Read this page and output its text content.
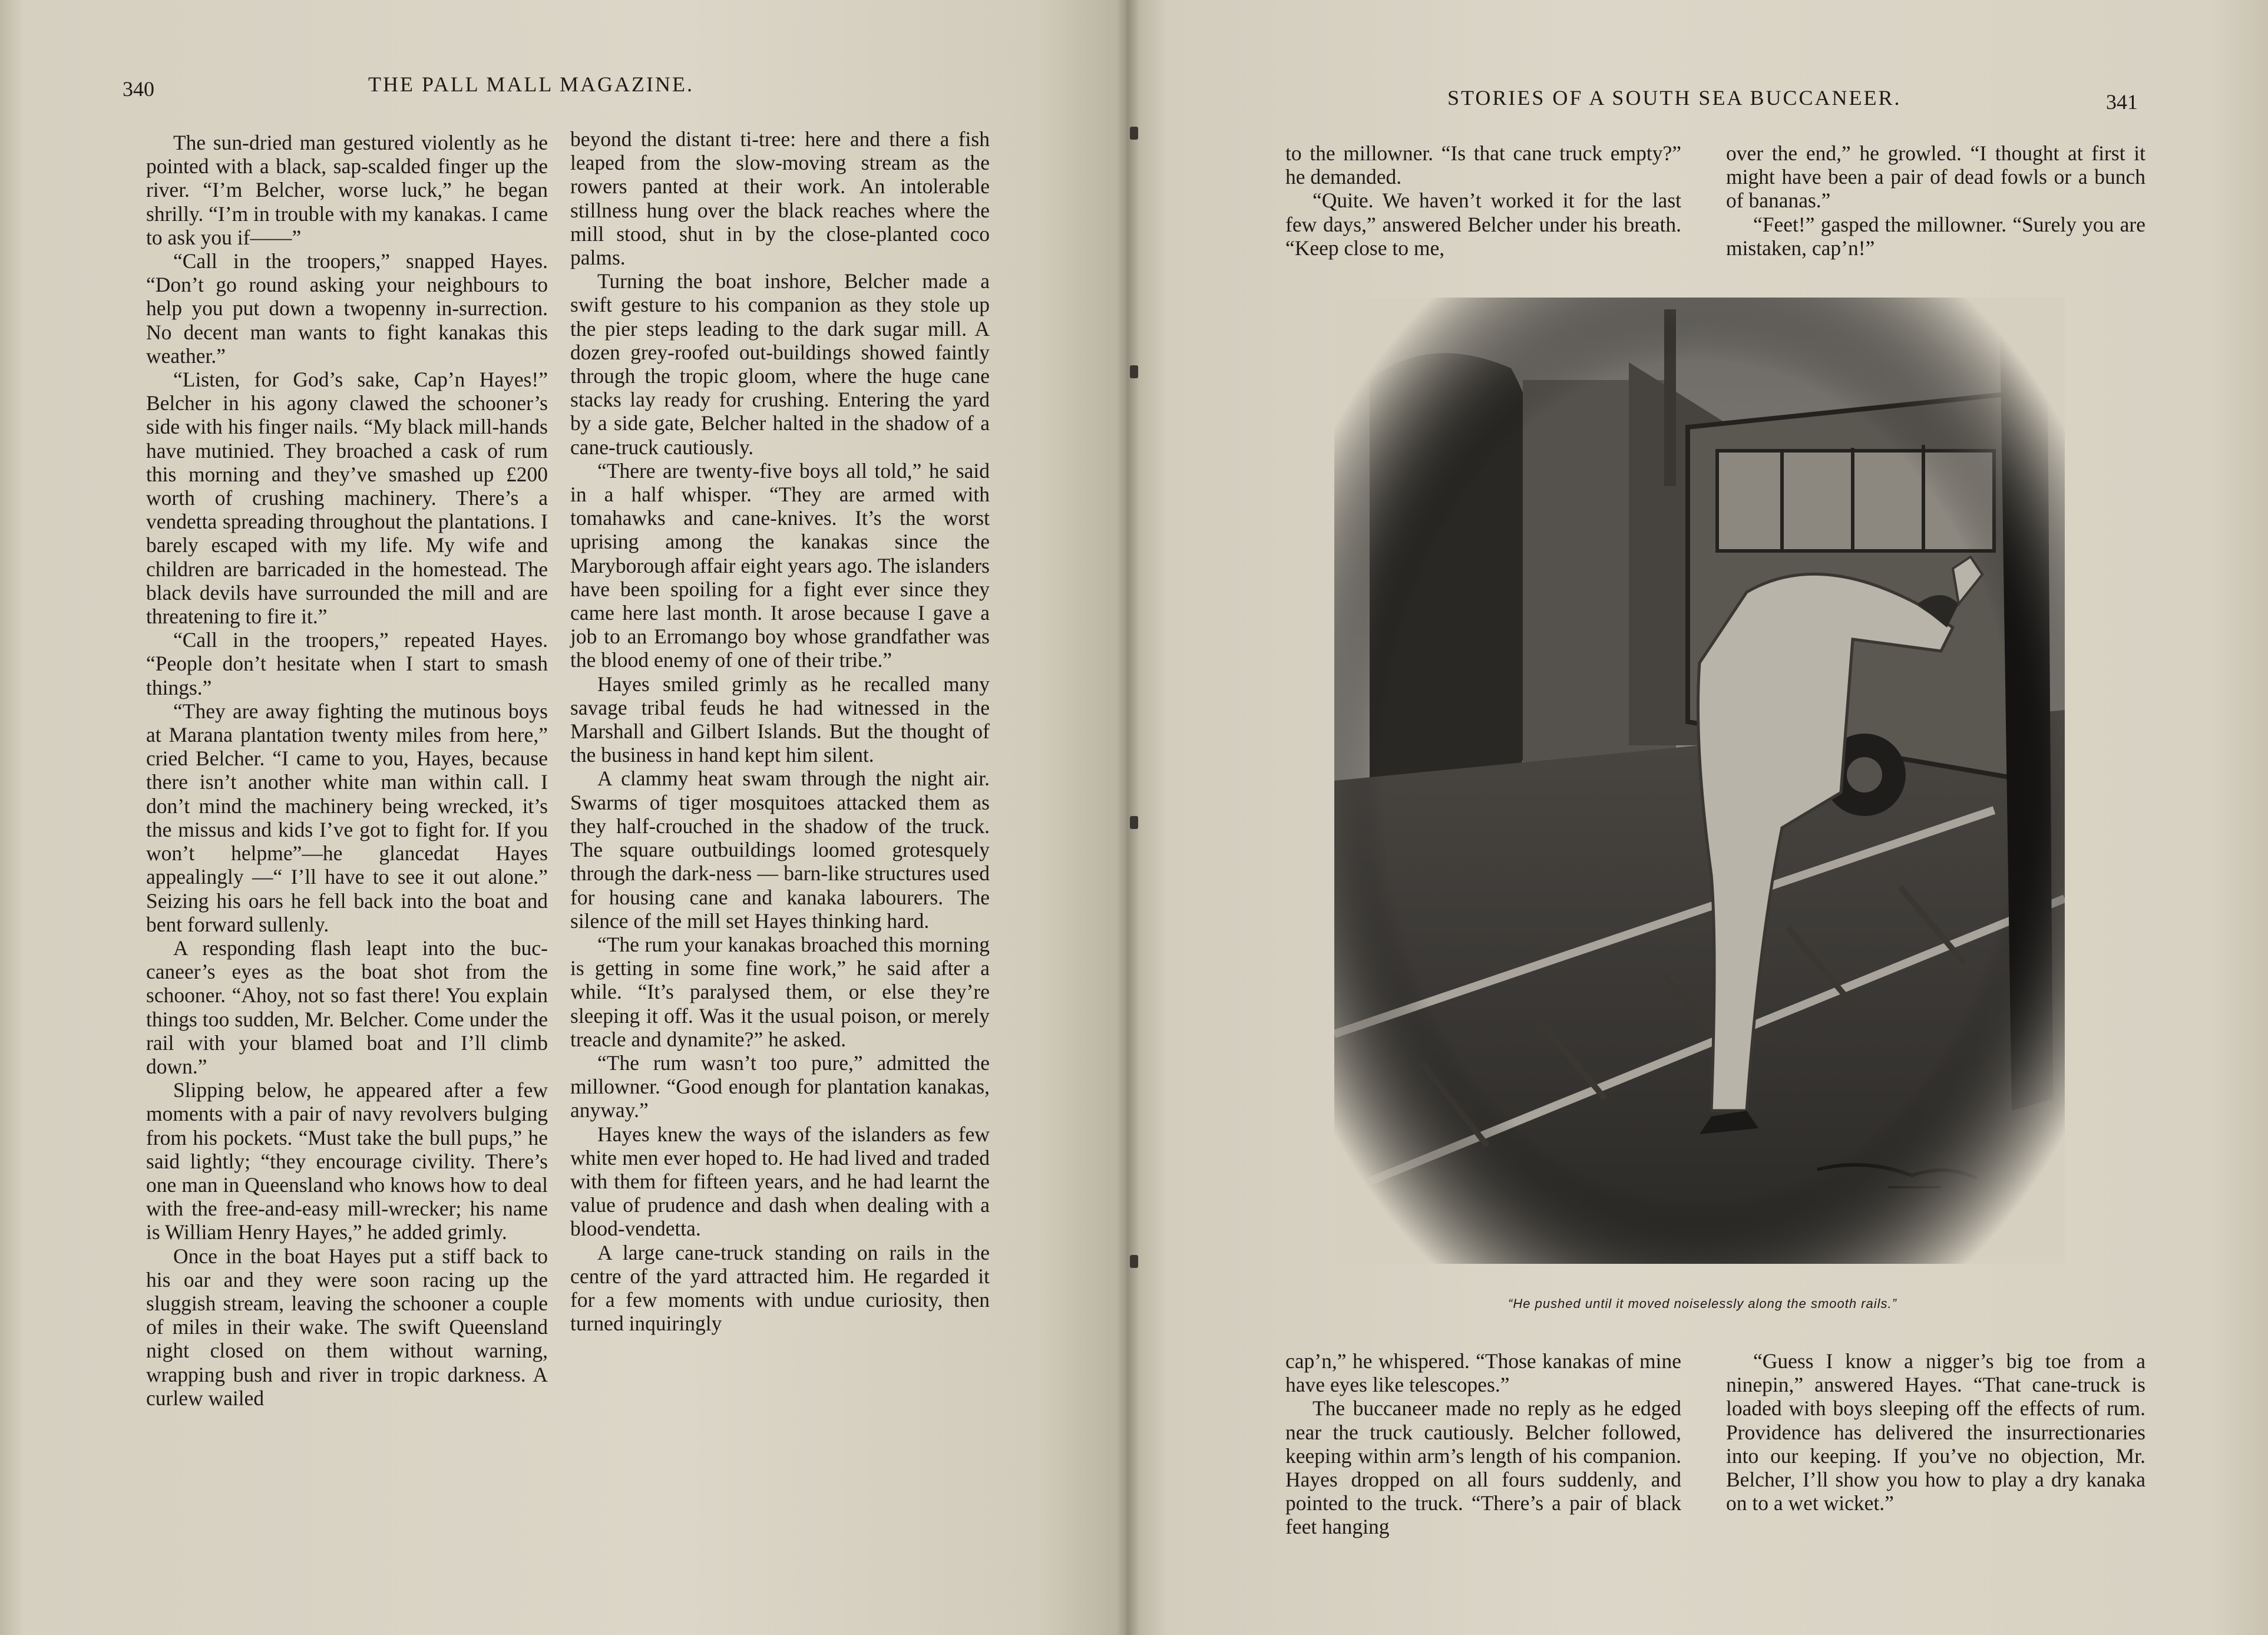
340	THE PALL MALL MAGAZINE.

The sun-dried man gestured violently as he pointed with a black, sap-scalded finger up the river. “I’m Belcher, worse luck,” he began shrilly. “I’m in trouble with my kanakas. I came to ask you if——”

“Call in the troopers,” snapped Hayes. “Don’t go round asking your neighbours to help you put down a twopenny in-surrection. No decent man wants to fight kanakas this weather.”

“Listen, for God’s sake, Cap’n Hayes!” Belcher in his agony clawed the schooner’s side with his finger nails. “My black mill-hands have mutinied. They broached a cask of rum this morning and they’ve smashed up £200 worth of crushing machinery. There’s a vendetta spreading throughout the plantations. I barely escaped with my life. My wife and children are barricaded in the homestead. The black devils have surrounded the mill and are threatening to fire it.”

“Call in the troopers,” repeated Hayes. “People don’t hesitate when I start to smash things.”

“They are away fighting the mutinous boys at Marana plantation twenty miles from here,” cried Belcher. “I came to you, Hayes, because there isn’t another white man within call. I don’t mind the machinery being wrecked, it’s the missus and kids I’ve got to fight for. If you won’t helpme”—he glancedat Hayes appealingly —“ I’ll have to see it out alone.” Seizing his oars he fell back into the boat and bent forward sullenly.

A responding flash leapt into the buc-caneer’s eyes as the boat shot from the schooner. “Ahoy, not so fast there! You explain things too sudden, Mr. Belcher. Come under the rail with your blamed boat and I’ll climb down.”

Slipping below, he appeared after a few moments with a pair of navy revolvers bulging from his pockets. “Must take the bull pups,” he said lightly; “they encourage civility. There’s one man in Queensland who knows how to deal with the free-and-easy mill-wrecker; his name is William Henry Hayes,” he added grimly.

Once in the boat Hayes put a stiff back to his oar and they were soon racing up the sluggish stream, leaving the schooner a couple of miles in their wake. The swift Queensland night closed on them without warning, wrapping bush and river in tropic darkness. A curlew wailed

beyond the distant ti-tree: here and there a fish leaped from the slow-moving stream as the rowers panted at their work. An intolerable stillness hung over the black reaches where the mill stood, shut in by the close-planted coco palms.

Turning the boat inshore, Belcher made a swift gesture to his companion as they stole up the pier steps leading to the dark sugar mill. A dozen grey-roofed out-buildings showed faintly through the tropic gloom, where the huge cane stacks lay ready for crushing. Entering the yard by a side gate, Belcher halted in the shadow of a cane-truck cautiously.

“There are twenty-five boys all told,” he said in a half whisper. “They are armed with tomahawks and cane-knives. It’s the worst uprising among the kanakas since the Maryborough affair eight years ago. The islanders have been spoiling for a fight ever since they came here last month. It arose because I gave a job to an Erromango boy whose grandfather was the blood enemy of one of their tribe.”

Hayes smiled grimly as he recalled many savage tribal feuds he had witnessed in the Marshall and Gilbert Islands. But the thought of the business in hand kept him silent.

A clammy heat swam through the night air. Swarms of tiger mosquitoes attacked them as they half-crouched in the shadow of the truck. The square outbuildings loomed grotesquely through the dark-ness — barn-like structures used for housing cane and kanaka labourers. The silence of the mill set Hayes thinking hard.

“The rum your kanakas broached this morning is getting in some fine work,” he said after a while. “It’s paralysed them, or else they’re sleeping it off. Was it the usual poison, or merely treacle and dynamite?” he asked.

“The rum wasn’t too pure,” admitted the millowner. “Good enough for plantation kanakas, anyway.”

Hayes knew the ways of the islanders as few white men ever hoped to. He had lived and traded with them for fifteen years, and he had learnt the value of prudence and dash when dealing with a blood-vendetta.

A large cane-truck standing on rails in the centre of the yard attracted him. He regarded it for a few moments with undue curiosity, then turned inquiringly

STORIES OF A SOUTH SEA BUCCANEER.	341

to the millowner. “Is that cane truck empty?” he demanded.

“Quite. We haven’t worked it for the last few days,” answered Belcher under his breath. “Keep close to me,

over the end,” he growled. “I thought at first it might have been a pair of dead fowls or a bunch of bananas.”

“Feet!” gasped the millowner. “Surely you are mistaken, cap’n!”

cap’n,” he whispered. “Those kanakas of mine have eyes like telescopes.”

The buccaneer made no reply as he edged near the truck cautiously. Belcher followed, keeping within arm’s length of his companion. Hayes dropped on all fours suddenly, and pointed to the truck. “There’s a pair of black feet hanging

“Guess I know a nigger’s big toe from a ninepin,” answered Hayes. “That cane-truck is loaded with boys sleeping off the effects of rum. Providence has delivered the insurrectionaries into our keeping. If you’ve no objection, Mr. Belcher, I’ll show you how to play a dry kanaka on to a wet wicket.”

“He pushed until it moved noiselessly along the smooth rails.”
